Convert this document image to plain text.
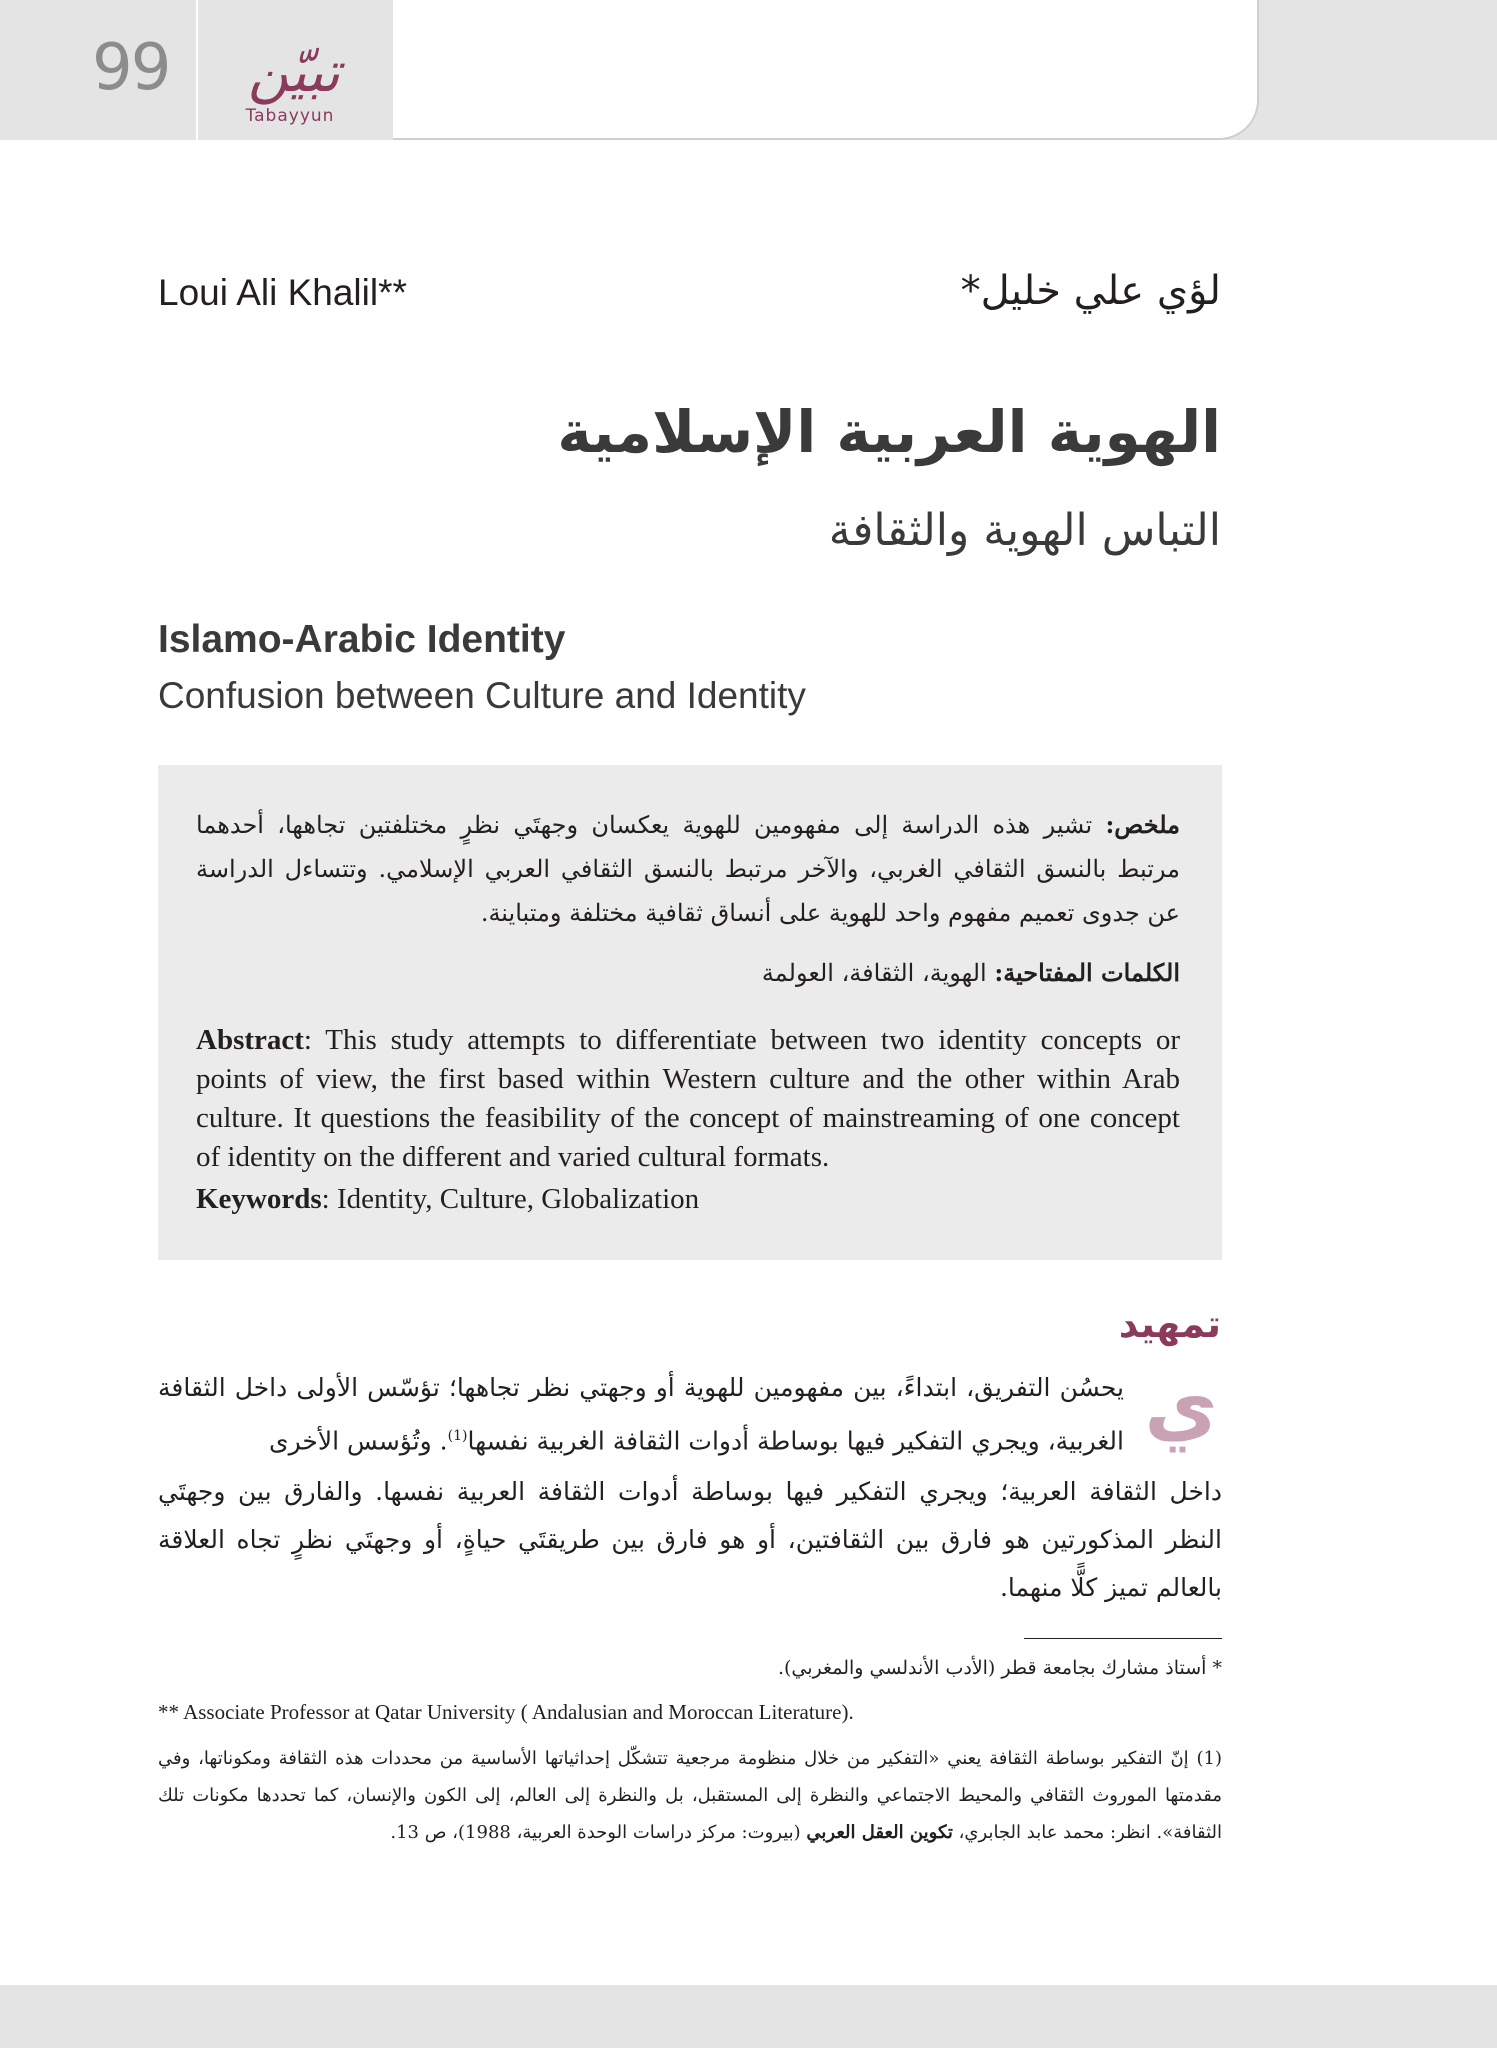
99	تبيّن
Tabayyun
Loui Ali Khalil**	لؤي علي خليل*
الهوية العربية الإسلامية
التباس الهوية والثقافة
Islamo-Arabic Identity
Confusion between Culture and Identity
ملخص: تشير هذه الدراسة إلى مفهومين للهوية يعكسان وجهتَي نظرٍ مختلفتين تجاهها، أحدهما مرتبط بالنسق الثقافي الغربي، والآخر مرتبط بالنسق الثقافي العربي الإسلامي. وتتساءل الدراسة عن جدوى تعميم مفهوم واحد للهوية على أنساق ثقافية مختلفة ومتباينة.
الكلمات المفتاحية: الهوية، الثقافة، العولمة
Abstract: This study attempts to differentiate between two identity concepts or points of view, the first based within Western culture and the other within Arab culture. It questions the feasibility of the concept of mainstreaming of one concept of identity on the different and varied cultural formats.
Keywords: Identity, Culture, Globalization
تمهيد
ي
يحسُن التفريق، ابتداءً، بين مفهومين للهوية أو وجهتي نظر تجاهها؛ تؤسّس الأولى داخل الثقافة الغربية، ويجري التفكير فيها بوساطة أدوات الثقافة الغربية نفسها$^{(1)}$. وتُؤسس الأخرى
داخل الثقافة العربية؛ ويجري التفكير فيها بوساطة أدوات الثقافة العربية نفسها. والفارق بين وجهتَي النظر المذكورتين هو فارق بين الثقافتين، أو هو فارق بين طريقتَي حياةٍ، أو وجهتَي نظرٍ تجاه العلاقة بالعالم تميز كلًّا منهما.
* أستاذ مشارك بجامعة قطر (الأدب الأندلسي والمغربي).
** Associate Professor at Qatar University ( Andalusian and Moroccan Literature).
(1) إنّ التفكير بوساطة الثقافة يعني «التفكير من خلال منظومة مرجعية تتشكّل إحداثياتها الأساسية من محددات هذه الثقافة ومكوناتها، وفي مقدمتها الموروث الثقافي والمحيط الاجتماعي والنظرة إلى المستقبل، بل والنظرة إلى العالم، إلى الكون والإنسان، كما تحددها مكونات تلك الثقافة». انظر: محمد عابد الجابري، تكوين العقل العربي (بيروت: مركز دراسات الوحدة العربية، 1988)، ص 13.
